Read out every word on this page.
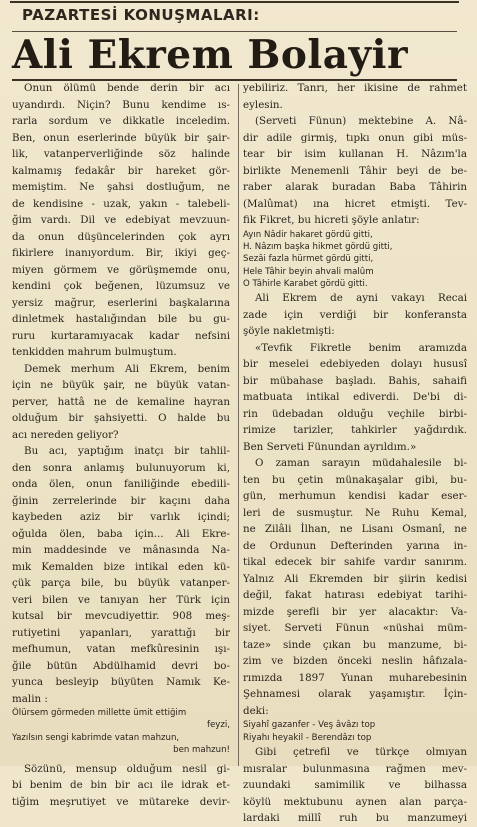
PAZARTESİ KONUŞMALARI:
Ali Ekrem Bolayir
Onun ölümü bende derin bir acı
uyandırdı. Niçin? Bunu kendime ıs-
rarla sordum ve dikkatle inceledim.
Ben, onun eserlerinde büyük bir şair-
lik, vatanperverliğinde söz halinde
kalmamış fedakâr bir hareket gör-
memiştim. Ne şahsi dostluğum, ne
de kendisine - uzak, yakın - talebeli-
ğim vardı. Dil ve edebiyat mevzuun-
da onun düşüncelerinden çok ayrı
fikirlere inanıyordum. Bir, ikiyi geç-
miyen görmem ve görüşmemde onu,
kendini çok beğenen, lüzumsuz ve
yersiz mağrur, eserlerini başkalarına
dinletmek hastalığından bile bu gu-
ruru kurtaramıyacak kadar nefsini
tenkidden mahrum bulmuştum.
Demek merhum Ali Ekrem, benim
için ne büyük şair, ne büyük vatan-
perver, hattâ ne de kemaline hayran
olduğum bir şahsiyetti. O halde bu
acı nereden geliyor?
Bu acı, yaptığım inatçı bir tahlil-
den sonra anlamış bulunuyorum ki,
onda ölen, onun faniliğinde ebedili-
ğinin zerrelerinde bir kaçını daha
kaybeden aziz bir varlık içindi;
oğulda ölen, baba için... Ali Ekre-
min maddesinde ve mânasında Na-
mık Kemalden bize intikal eden kü-
çük parça bile, bu büyük vatanper-
veri bilen ve tanıyan her Türk için
kutsal bir mevcudiyettir. 908 meş-
rutiyetini yapanları, yarattığı bir
mefhumun, vatan mefkûresinin ışı-
ğile bütün Abdülhamid devri bo-
yunca besleyip büyüten Namık Ke-
malin :
Ölürsem görmeden millette ümit ettiğim
feyzi,
Yazılsın sengi kabrimde vatan mahzun,
ben mahzun!
Sözünü, mensup olduğum nesil gi-
bi benim de bin bir acı ile idrak et-
tiğim meşrutiyet ve mütareke devir-
yebiliriz. Tanrı, her ikisine de rahmet
eylesin.
(Serveti Fünun) mektebine A. Nâ-
dir adile girmiş, tıpkı onun gibi müs-
tear bir isim kullanan H. Nâzım'la
birlikte Menemenli Tâhir beyi de be-
raber alarak buradan Baba Tâhirin
(Malûmat) ına hicret etmişti. Tev-
fik Fikret, bu hicreti şöyle anlatır:
Ayın Nâdir hakaret gördü gitti,
H. Nâzım başka hikmet gördü gitti,
Sezâi fazla hürmet gördü gitti,
Hele Tâhir beyin ahvali malûm
O Tâhirle Karabet gördü gitti.
Ali Ekrem de ayni vakayı Recai
zade için verdiği bir konferansta
şöyle nakletmişti:
«Tevfik Fikretle benim aramızda
bir meselei edebiyeden dolayı hususî
bir mübahase başladı. Bahis, sahaifi
matbuata intikal ediverdi. De'bi di-
rin üdebadan olduğu veçhile birbi-
rimize tarizler, tahkirler yağdırdık.
Ben Serveti Fünundan ayrıldım.»
O zaman sarayın müdahalesile bi-
ten bu çetin münakaşalar gibi, bu-
gün, merhumun kendisi kadar eser-
leri de susmuştur. Ne Ruhu Kemal,
ne Zilâli İlhan, ne Lisanı Osmanî, ne
de Ordunun Defterinden yarına in-
tikal edecek bir sahife vardır sanırım.
Yalnız Ali Ekremden bir şiirin kedisi
değil, fakat hatırası edebiyat tarihi-
mizde şerefli bir yer alacaktır: Va-
siyet. Serveti Fünun «nüshai müm-
taze» sinde çıkan bu manzume, bi-
zim ve bizden önceki neslin hâfızala-
rımızda 1897 Yunan muharebesinin
Şehnamesi olarak yaşamıştır. İçin-
deki:
Siyahî gazanfer - Veş âvâzı top
Riyahı heyakil - Berendâzı top
Gibi çetrefil ve türkçe olmıyan
mısralar bulunmasına rağmen mev-
zuundaki samimilik ve bilhassa
köylü mektubunu aynen alan parça-
lardaki millî ruh bu manzumeyi
